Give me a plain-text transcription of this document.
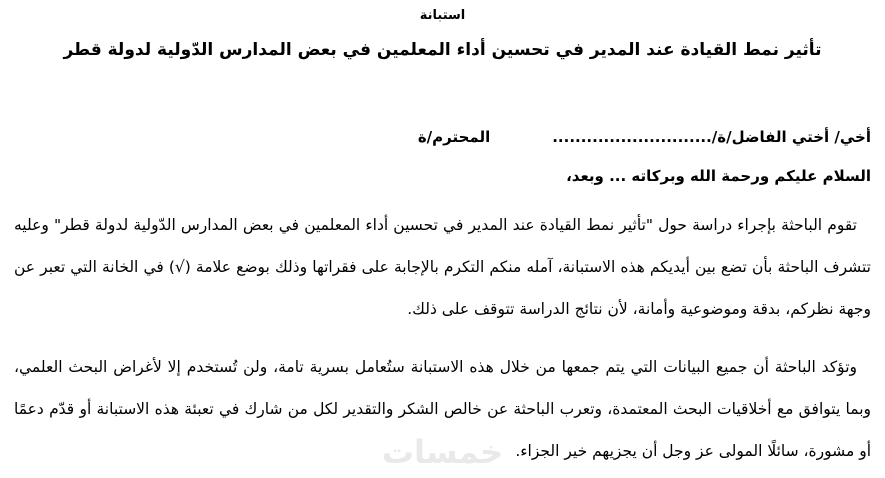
استبانة
تأثير نمط القيادة عند المدير في تحسين أداء المعلمين في بعض المدارس الدّولية لدولة قطر
أخي/ أختي الفاضل/ة/............................المحترم/ة
السلام عليكم ورحمة الله وبركاته ... وبعد،

تقوم الباحثة بإجراء دراسة حول "تأثير نمط القيادة عند المدير في تحسين أداء المعلمين في بعض المدارس الدّولية لدولة قطر" وعليه تتشرف الباحثة بأن تضع بين أيديكم هذه الاستبانة، آمله منكم التكرم بالإجابة على فقراتها وذلك بوضع علامة (√) في الخانة التي تعبر عن وجهة نظركم، بدقة وموضوعية وأمانة، لأن نتائج الدراسة تتوقف على ذلك.

وتؤكد الباحثة أن جميع البيانات التي يتم جمعها من خلال هذه الاستبانة ستُعامل بسرية تامة، ولن تُستخدم إلا لأغراض البحث العلمي، وبما يتوافق مع أخلاقيات البحث المعتمدة، وتعرب الباحثة عن خالص الشكر والتقدير لكل من شارك في تعبئة هذه الاستبانة أو قدّم دعمًا أو مشورة، سائلًا المولى عز وجل أن يجزيهم خير الجزاء.

خمسات
